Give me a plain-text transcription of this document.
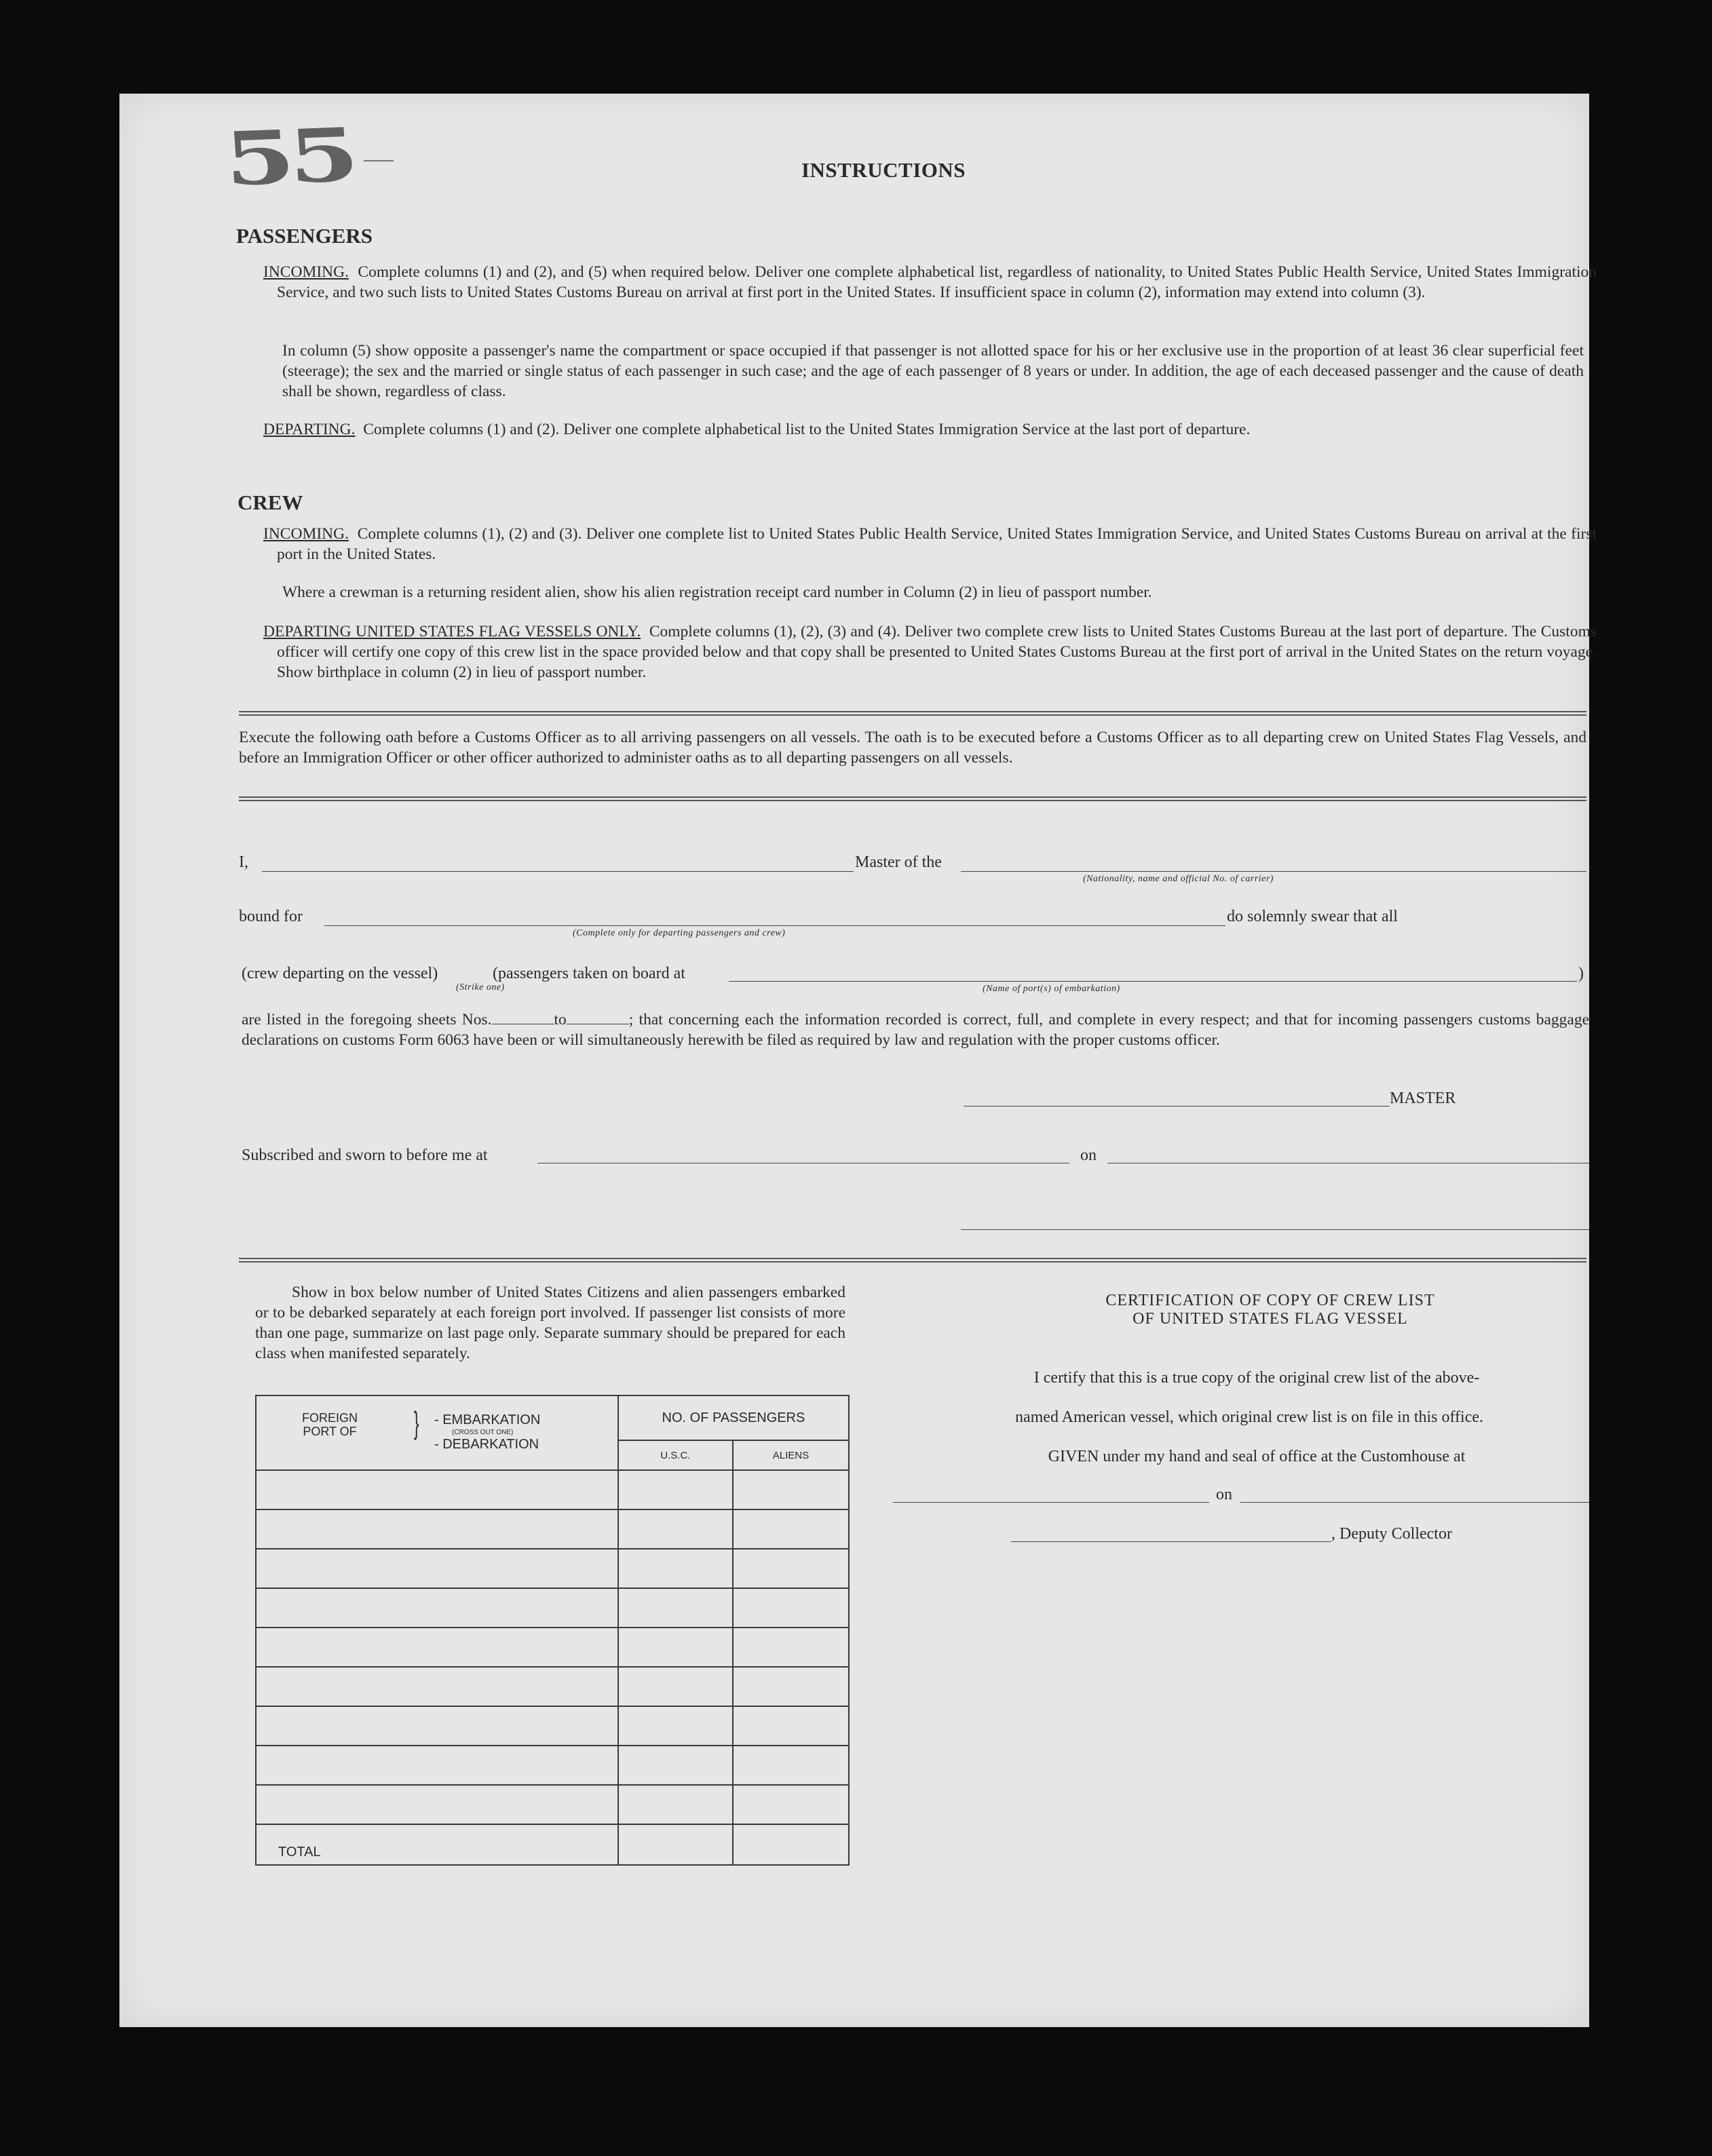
55	INSTRUCTIONS
PASSENGERS
INCOMING. Complete columns (1) and (2), and (5) when required below. Deliver one complete alphabetical list, regardless of nationality, to United States Public Health Service, United States Immigration Service, and two such lists to United States Customs Bureau on arrival at first port in the United States. If insufficient space in column (2), information may extend into column (3).
In column (5) show opposite a passenger's name the compartment or space occupied if that passenger is not allotted space for his or her exclusive use in the proportion of at least 36 clear superficial feet (steerage); the sex and the married or single status of each passenger in such case; and the age of each passenger of 8 years or under. In addition, the age of each deceased passenger and the cause of death shall be shown, regardless of class.
DEPARTING. Complete columns (1) and (2). Deliver one complete alphabetical list to the United States Immigration Service at the last port of departure.
CREW
INCOMING. Complete columns (1), (2) and (3). Deliver one complete list to United States Public Health Service, United States Immigration Service, and United States Customs Bureau on arrival at the first port in the United States.
Where a crewman is a returning resident alien, show his alien registration receipt card number in Column (2) in lieu of passport number.
DEPARTING UNITED STATES FLAG VESSELS ONLY. Complete columns (1), (2), (3) and (4). Deliver two complete crew lists to United States Customs Bureau at the last port of departure. The Customs officer will certify one copy of this crew list in the space provided below and that copy shall be presented to United States Customs Bureau at the first port of arrival in the United States on the return voyage. Show birthplace in column (2) in lieu of passport number.
Execute the following oath before a Customs Officer as to all arriving passengers on all vessels. The oath is to be executed before a Customs Officer as to all departing crew on United States Flag Vessels, and before an Immigration Officer or other officer authorized to administer oaths as to all departing passengers on all vessels.
I,	Master of the
(Nationality, name and official No. of carrier)
bound for
(Complete only for departing passengers and crew)
do solemnly swear that all
(crew departing on the vessel)
(Strike one)
(passengers taken on board at
(Name of port(s) of embarkation)
)
are listed in the foregoing sheets Nos.	to	; that concerning each the information recorded is correct, full, and complete in every respect; and that for incoming passengers customs baggage declarations on customs Form 6063 have been or will simultaneously herewith be filed as required by law and regulation with the proper customs officer.
MASTER
Subscribed and sworn to before me at	on
Show in box below number of United States Citizens and alien passengers embarked or to be debarked separately at each foreign port involved. If passenger list consists of more than one page, summarize on last page only. Separate summary should be prepared for each class when manifested separately.
FOREIGN PORT OF } - EMBARKATION
(CROSS OUT ONE)
- DEBARKATION	NO. OF PASSENGERS	
	U.S.C.	ALIENS

TOTAL		
CERTIFICATION OF COPY OF CREW LIST
OF UNITED STATES FLAG VESSEL
I certify that this is a true copy of the original crew list of the above-
named American vessel, which original crew list is on file in this office.
GIVEN under my hand and seal of office at the Customhouse at
on
, Deputy Collector
